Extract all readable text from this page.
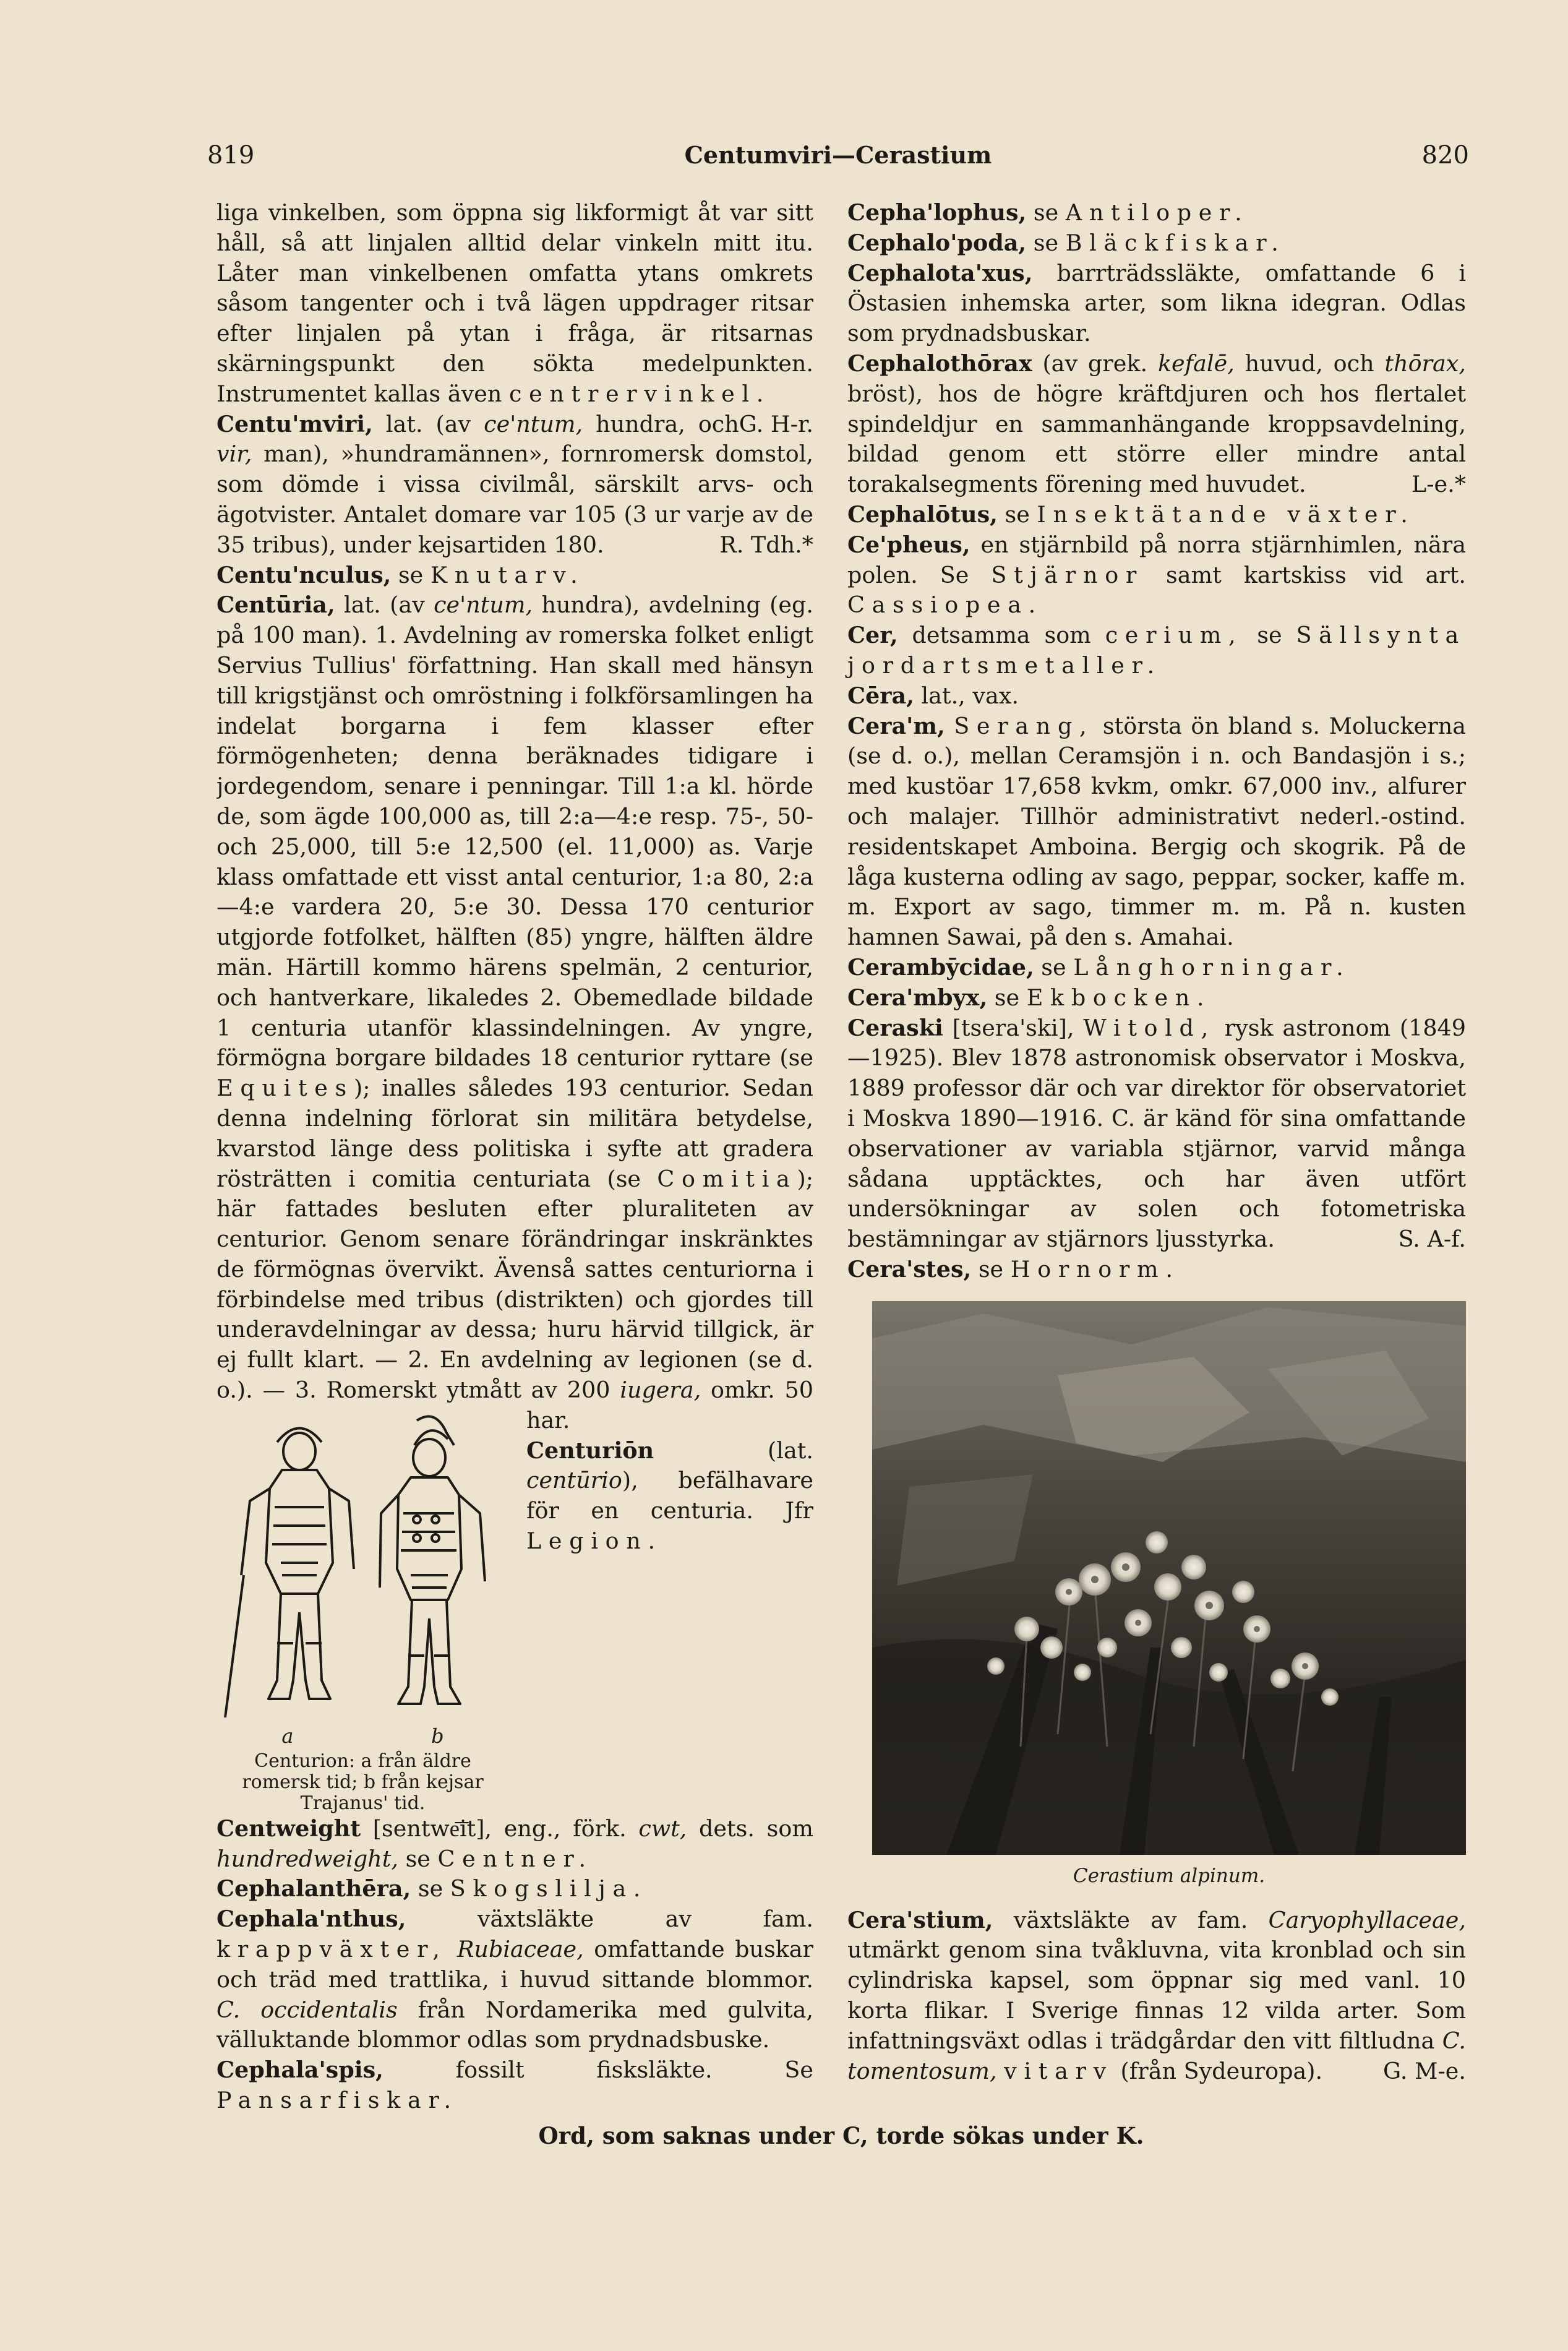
819	Centumviri—Cerastium	820

liga vinkelben, som öppna sig likformigt åt var sitt håll, så att linjalen alltid delar vinkeln mitt itu. Låter man vinkelbenen omfatta ytans omkrets såsom tangenter och i två lägen uppdrager ritsar efter linjalen på ytan i fråga, är ritsarnas skärningspunkt den sökta medelpunkten. Instrumentet kallas även centrervinkel.
G. H-r.

Centu'mviri, lat. (av ce'ntum, hundra, och vir, man), »hundramännen», fornromersk domstol, som dömde i vissa civilmål, särskilt arvs- och ägotvister. Antalet domare var 105 (3 ur varje av de 35 tribus), under kejsartiden 180.	R. Tdh.*

Centu'nculus, se Knutarv.

Centūria, lat. (av ce'ntum, hundra), avdelning (eg. på 100 man). 1. Avdelning av romerska folket enligt Servius Tullius' författning. Han skall med hänsyn till krigstjänst och omröstning i folkförsamlingen ha indelat borgarna i fem klasser efter förmögenheten; denna beräknades tidigare i jordegendom, senare i penningar. Till 1:a kl. hörde de, som ägde 100,000 as, till 2:a—4:e resp. 75-, 50- och 25,000, till 5:e 12,500 (el. 11,000) as. Varje klass omfattade ett visst antal centurior, 1:a 80, 2:a—4:e vardera 20, 5:e 30. Dessa 170 centurior utgjorde fotfolket, hälften (85) yngre, hälften äldre män. Härtill kommo härens spelmän, 2 centurior, och hantverkare, likaledes 2. Obemedlade bildade 1 centuria utanför klassindelningen. Av yngre, förmögna borgare bildades 18 centurior ryttare (se Equites); inalles således 193 centurior. Sedan denna indelning förlorat sin militära betydelse, kvarstod länge dess politiska i syfte att gradera rösträtten i comitia centuriata (se Comitia); här fattades besluten efter pluraliteten av centurior. Genom senare förändringar inskränktes de förmögnas övervikt. Ävenså sattes centuriorna i förbindelse med tribus (distrikten) och gjordes till underavdelningar av dessa; huru härvid tillgick, är ej fullt klart. — 2. En avdelning av legionen (se d. o.). — 3. Romerskt ytmått av 200
a	b
Centurion: a från äldre romersk tid; b från kejsar Trajanus' tid.
iugera, omkr. 50 har.

Centuriōn (lat. centūrio), befälhavare för en centuria. Jfr Legion.

Centweight [sentwe͞it], eng., förk. cwt, dets. som hundredweight, se Centner.

Cephalanthēra, se Skogslilja.

Cephala'nthus, växtsläkte av fam. krappväxter, Rubiaceae, omfattande buskar och träd med trattlika, i huvud sittande blommor. C. occidentalis från Nordamerika med gulvita, välluktande blommor odlas som prydnadsbuske.

Cephala'spis, fossilt fisksläkte. Se Pansarfiskar.

Cepha'lophus, se Antiloper.

Cephalo'poda, se Bläckfiskar.

Cephalota'xus, barrträdssläkte, omfattande 6 i Östasien inhemska arter, som likna idegran. Odlas som prydnadsbuskar.

Cephalothōrax (av grek. kefalē, huvud, och thōrax, bröst), hos de högre kräftdjuren och hos flertalet spindeldjur en sammanhängande kroppsavdelning, bildad genom ett större eller mindre antal torakalsegments förening med huvudet.	L-e.*

Cephalōtus, se Insektätande växter.

Ce'pheus, en stjärnbild på norra stjärnhimlen, nära polen. Se Stjärnor samt kartskiss vid art. Cassiopea.

Cer, detsamma som cerium, se Sällsynta jordartsmetaller.

Cēra, lat., vax.

Cera'm, Serang, största ön bland s. Moluckerna (se d. o.), mellan Ceramsjön i n. och Bandasjön i s.; med kustöar 17,658 kvkm, omkr. 67,000 inv., alfurer och malajer. Tillhör administrativt nederl.-ostind. residentskapet Amboina. Bergig och skogrik. På de låga kusterna odling av sago, peppar, socker, kaffe m. m. Export av sago, timmer m. m. På n. kusten hamnen Sawai, på den s. Amahai.

Cerambȳcidae, se Långhorningar.

Cera'mbyx, se Ekbocken.

Ceraski [tsera'ski], Witold, rysk astronom (1849—1925). Blev 1878 astronomisk observator i Moskva, 1889 professor där och var direktor för observatoriet i Moskva 1890—1916. C. är känd för sina omfattande observationer av variabla stjärnor, varvid många sådana upptäcktes, och har även utfört undersökningar av solen och fotometriska bestämningar av stjärnors ljusstyrka.	S. A-f.

Cera'stes, se Hornorm.

Cerastium alpinum.

Cera'stium, växtsläkte av fam. Caryophyllaceae, utmärkt genom sina tvåkluvna, vita kronblad och sin cylindriska kapsel, som öppnar sig med vanl. 10 korta flikar. I Sverige finnas 12 vilda arter. Som infattningsväxt odlas i trädgårdar den vitt filtludna C. tomentosum, vitarv (från Sydeuropa).	G. M-e.

Ord, som saknas under C, torde sökas under K.
